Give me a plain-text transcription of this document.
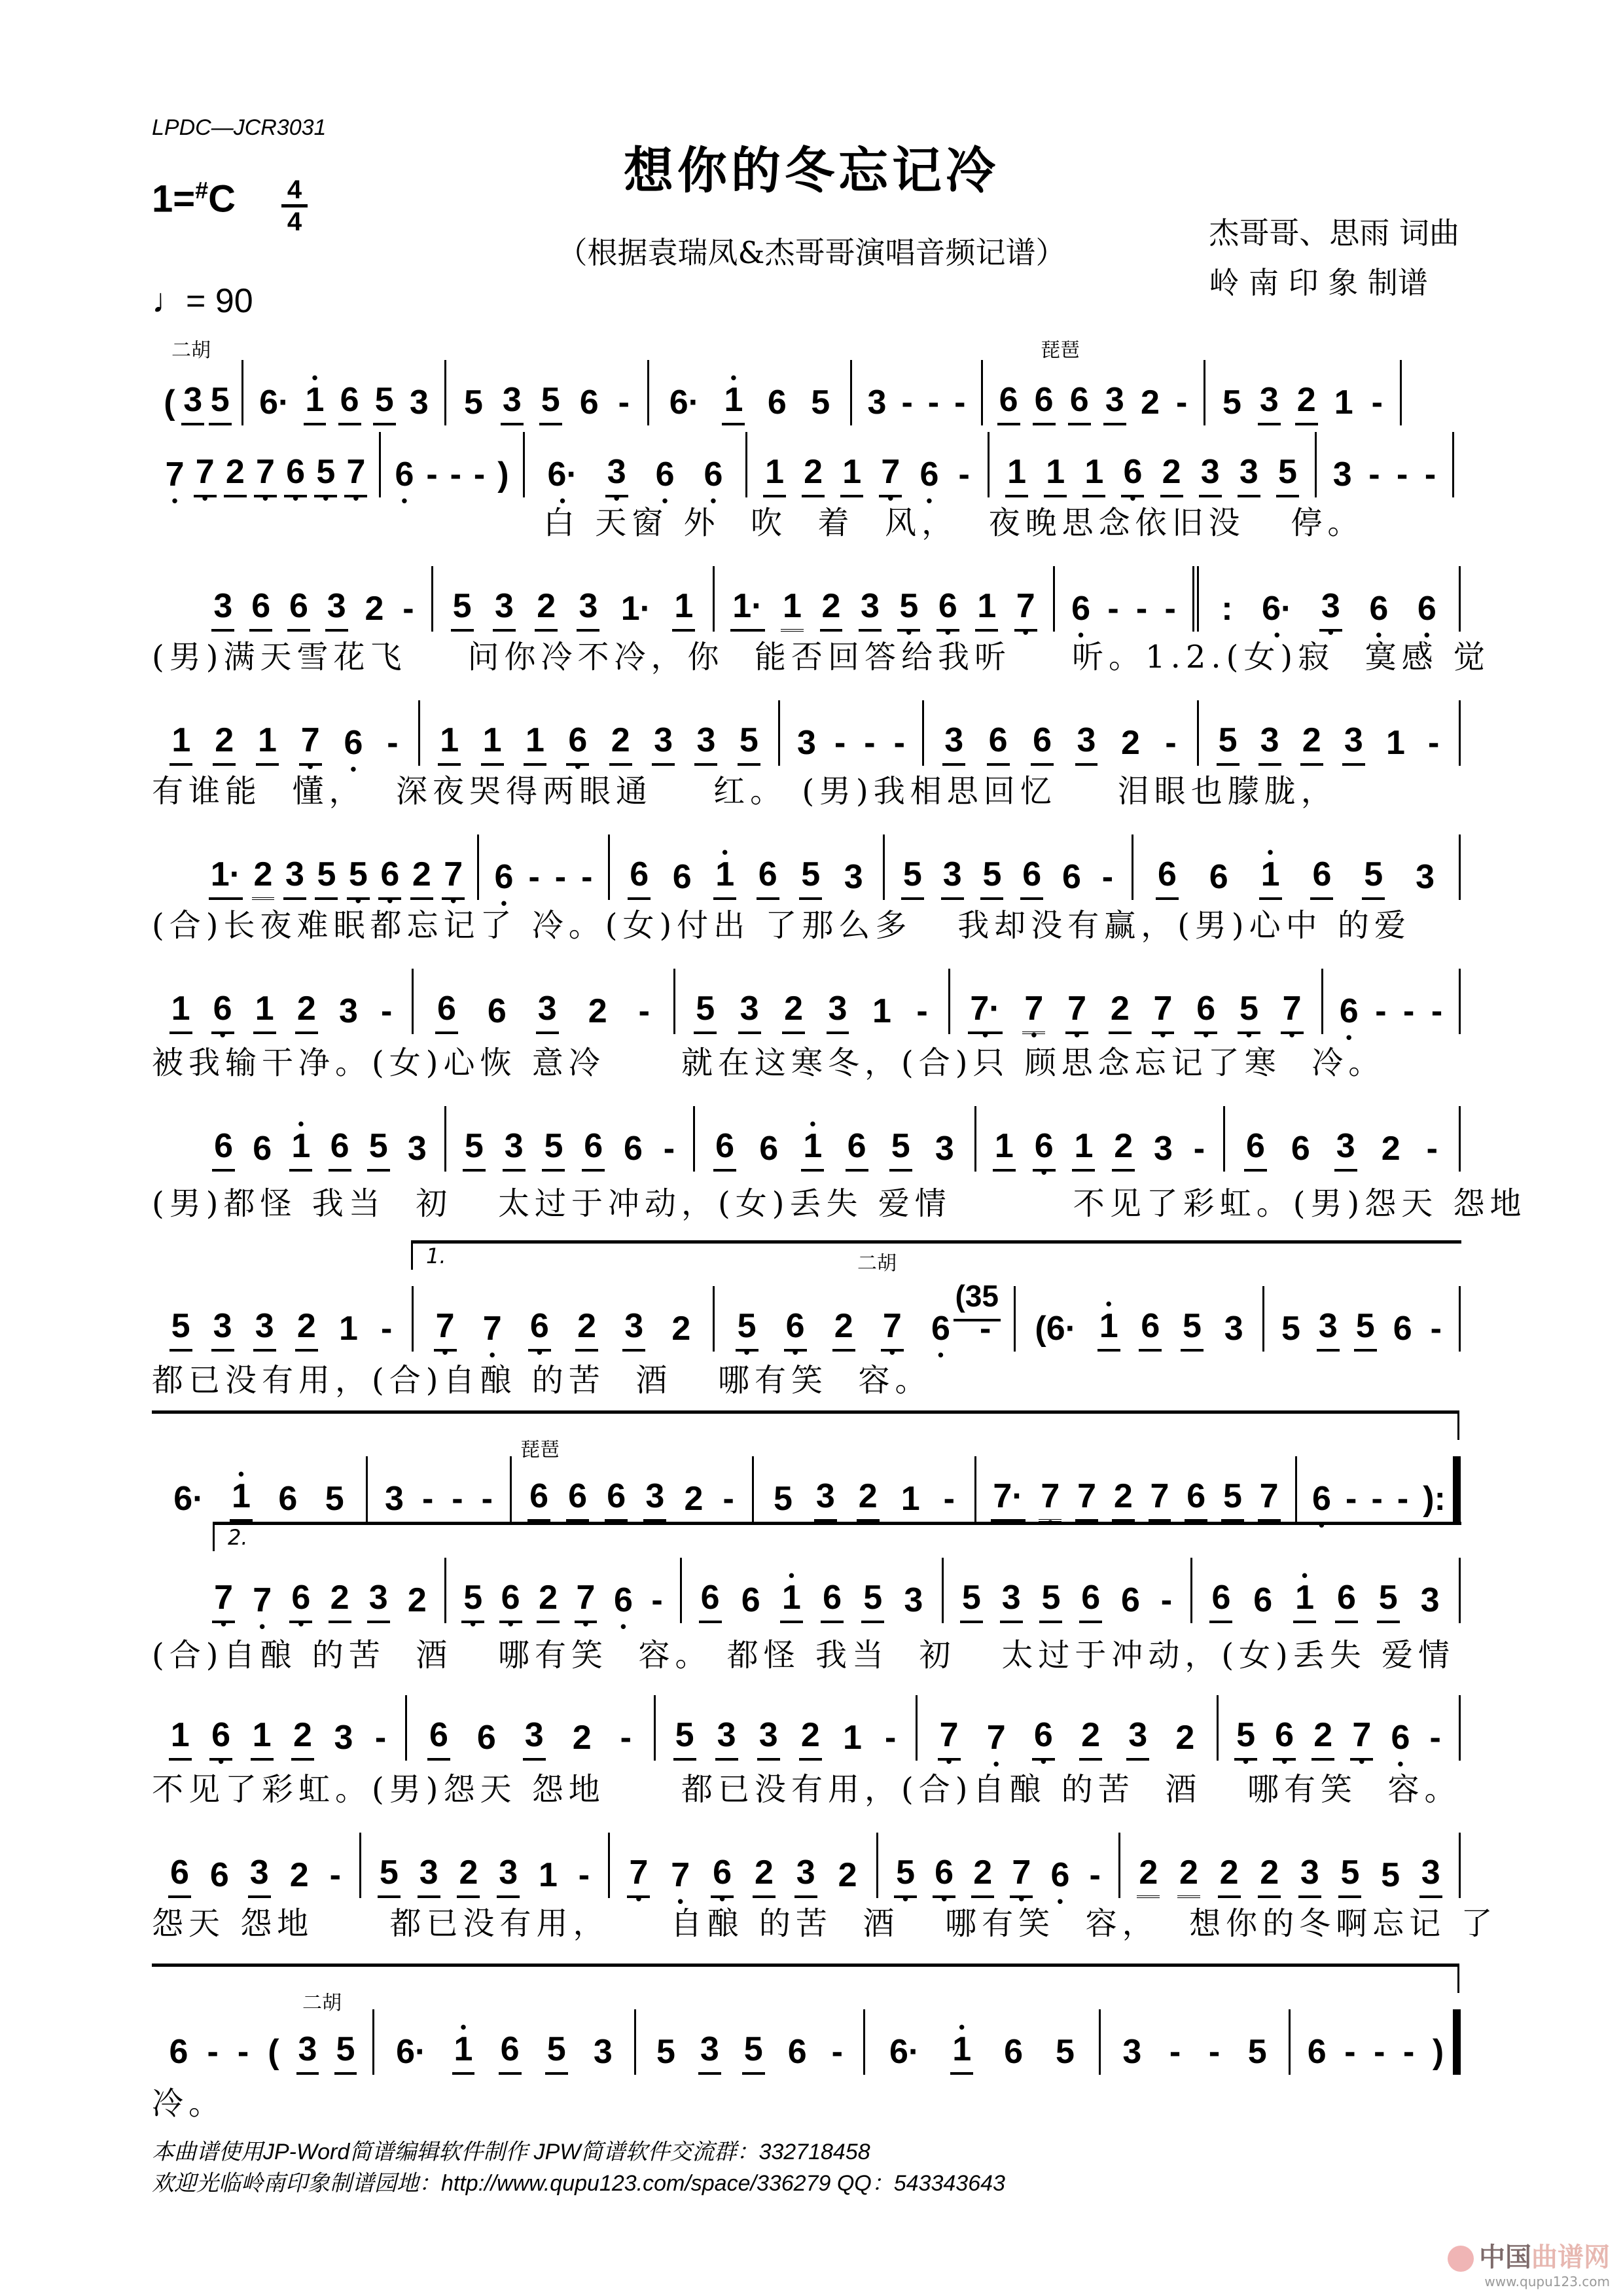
LPDC—JCR3031
想你的冬忘记冷
（根据袁瑞凤&杰哥哥演唱音频记谱）
1=#C 4
4
♩= 90
杰哥哥、思雨 词曲
岭 南 印 象 制谱
二胡	琵琶
( 3 5 6· • 1 6 5 3 5 3 5 6 - 6· • 1 6 5 3 - - - 6 6 6 3 2 - 5 3 2 1 -
7 • 7 • 2 7 • 6 • 5 • 7 • 6 • - - - ) 6· • 3 • 6 • 6 • 1 2 1 7 • 6 • - 1 1 1 6 • 2 3 3 5 3 - - -
白 天窗 外  吹  着  风，  夜晚思念依旧没   停。
3 6 6 3 2 - 5 3 2 3 1· 1 1· 1 2 3 5 • 6 • 1 7 • 6 • - - - : 6· • 3 • 6 • 6 •
(男)满天雪花飞    问你冷不冷，你  能否回答给我听    听。1.2.(女)寂  寞感 觉
1 2 1 7 • 6 • - 1 1 1 6 • 2 3 3 5 3 - - - 3 6 6 3 2 - 5 3 2 3 1 -
有谁能  懂，  深夜哭得两眼通    红。 (男)我相思回忆    泪眼也朦胧，
1· 2 3 5 5 • 6 • 2 7 • 6 • - - - 6 6 • 1 6 5 3 5 3 5 6 6 - 6 6 • 1 6 5 3
(合)长夜难眠都忘记了 冷。(女)付出 了那么多   我却没有赢，(男)心中 的爱
1 6 • 1 2 3 - 6 6 3 2 - 5 3 2 3 1 - 7· • 7 • 7 • 2 7 • 6 • 5 • 7 • 6 • - - -
被我输干净。(女)心恢 意冷     就在这寒冬，(合)只 顾思念忘记了寒  冷。
6 6 • 1 6 5 3 5 3 5 6 6 - 6 6 • 1 6 5 3 1 6 • 1 2 3 - 6 6 3 2 -
(男)都怪 我当  初   太过于冲动，(女)丢失 爱情        不见了彩虹。(男)怨天 怨地
1.	二胡
5 3 3 2 1 - 7 • 7 • 6 • 2 3 2 5 • 6 • 2 7 • 6 • -
(35
(6· • 1 6 5 3 5 3 5 6 -
都已没有用，(合)自酿 的苦  酒   哪有笑  容。
琵琶
6· • 1 6 5 3 - - - 6 6 6 3 2 - 5 3 2 1 - 7· • 7 • 7 • 2 7 • 6 • 5 • 7 • 6 • - - - ):
2.
7 • 7 • 6 • 2 3 2 5 • 6 • 2 7 • 6 • - 6 6 • 1 6 5 3 5 3 5 6 6 - 6 6 • 1 6 5 3
(合)自酿 的苦  酒   哪有笑  容。 都怪 我当  初   太过于冲动，(女)丢失 爱情
1 6 • 1 2 3 - 6 6 3 2 - 5 3 3 2 1 - 7 • 7 • 6 • 2 3 2 5 • 6 • 2 7 • 6 • -
不见了彩虹。(男)怨天 怨地     都已没有用，(合)自酿 的苦  酒   哪有笑  容。
6 6 3 2 - 5 3 2 3 1 - 7 • 7 • 6 • 2 3 2 5 • 6 • 2 7 • 6 • - 2 2 2 2 3 5 5 3
怨天 怨地     都已没有用，    自酿 的苦  酒   哪有笑  容，  想你的冬啊忘记 了
二胡
6 - - ( 3 5 6· • 1 6 5 3 5 3 5 6 - 6· • 1 6 5 3 - - 5 6 - - - )
冷。
本曲谱使用JP-Word简谱编辑软件制作 JPW简谱软件交流群：332718458
欢迎光临岭南印象制谱园地：http://www.qupu123.com/space/336279 QQ：543343643
中国曲谱网
www.qupu123.com
